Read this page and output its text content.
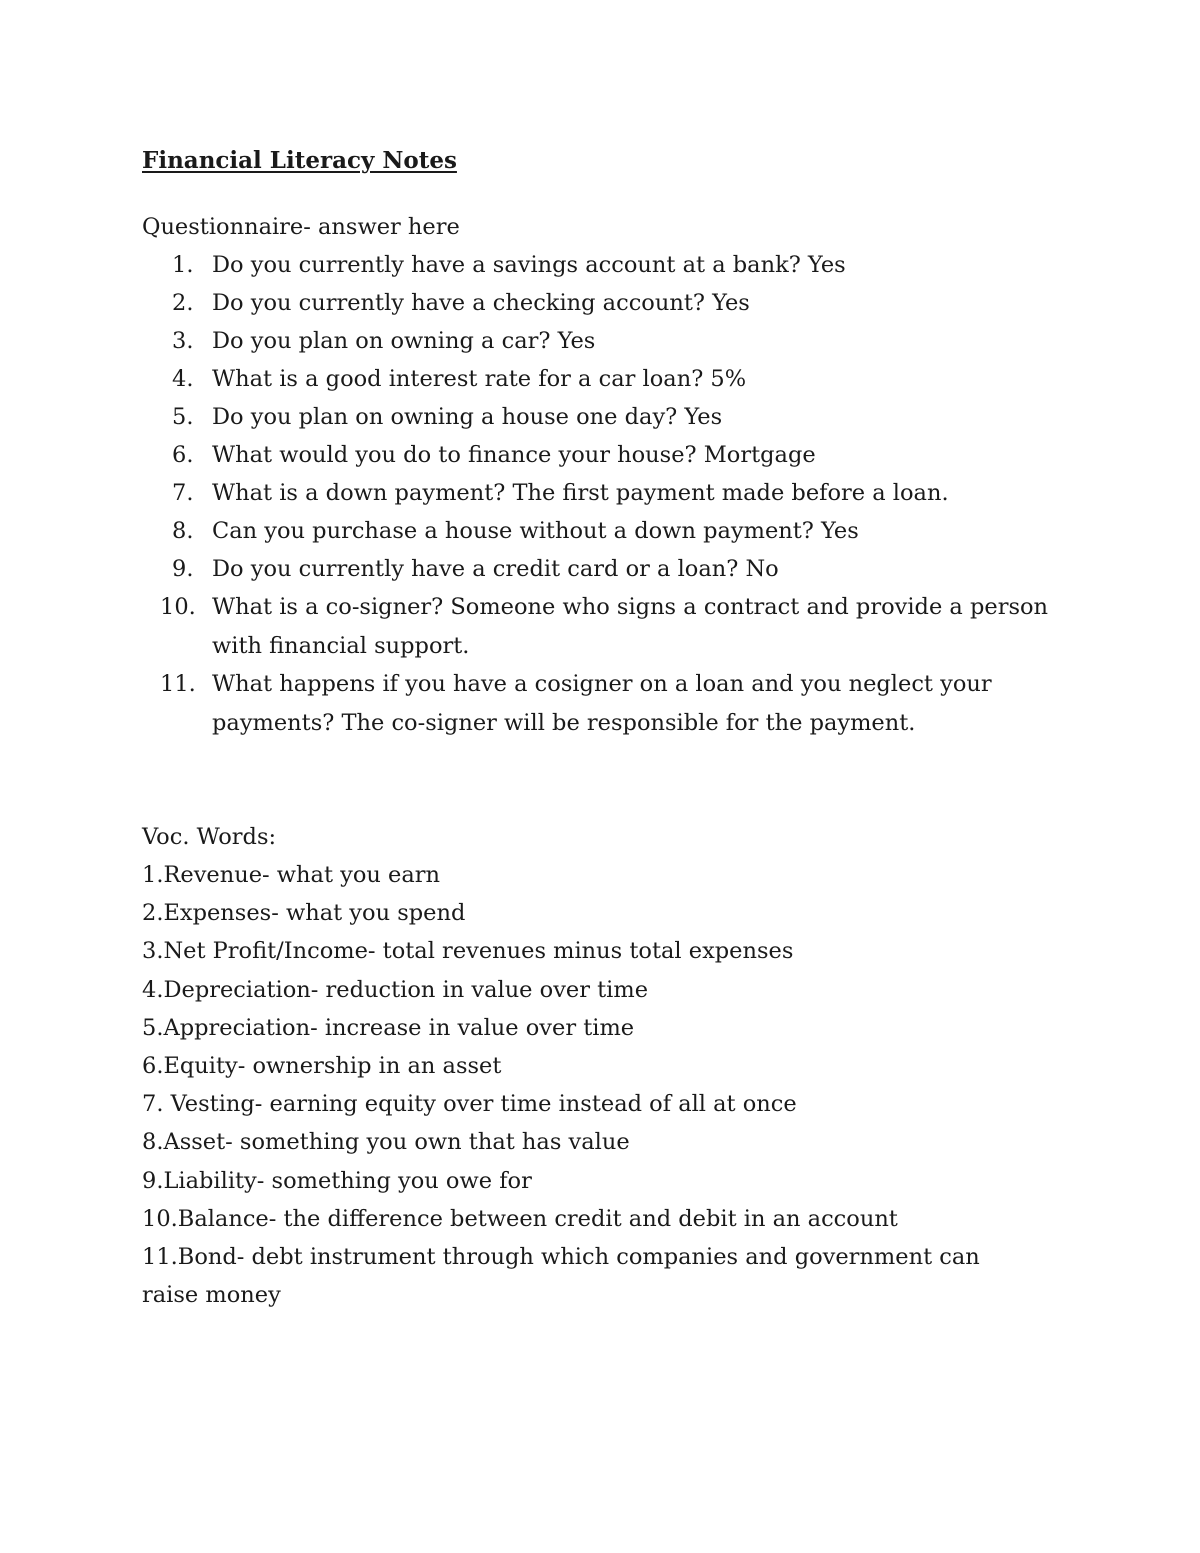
Financial Literacy Notes
Questionnaire- answer here
1. Do you currently have a savings account at a bank? Yes
2. Do you currently have a checking account? Yes
3. Do you plan on owning a car? Yes
4. What is a good interest rate for a car loan? 5%
5. Do you plan on owning a house one day? Yes
6. What would you do to finance your house? Mortgage
7. What is a down payment? The first payment made before a loan.
8. Can you purchase a house without a down payment? Yes
9. Do you currently have a credit card or a loan? No
10. What is a co-signer? Someone who signs a contract and provide a person
with financial support.
11. What happens if you have a cosigner on a loan and you neglect your
payments? The co-signer will be responsible for the payment.
Voc. Words:
1.Revenue- what you earn
2.Expenses- what you spend
3.Net Profit/Income- total revenues minus total expenses
4.Depreciation- reduction in value over time
5.Appreciation- increase in value over time
6.Equity- ownership in an asset
7. Vesting- earning equity over time instead of all at once
8.Asset- something you own that has value
9.Liability- something you owe for
10.Balance- the difference between credit and debit in an account
11.Bond- debt instrument through which companies and government can raise money
